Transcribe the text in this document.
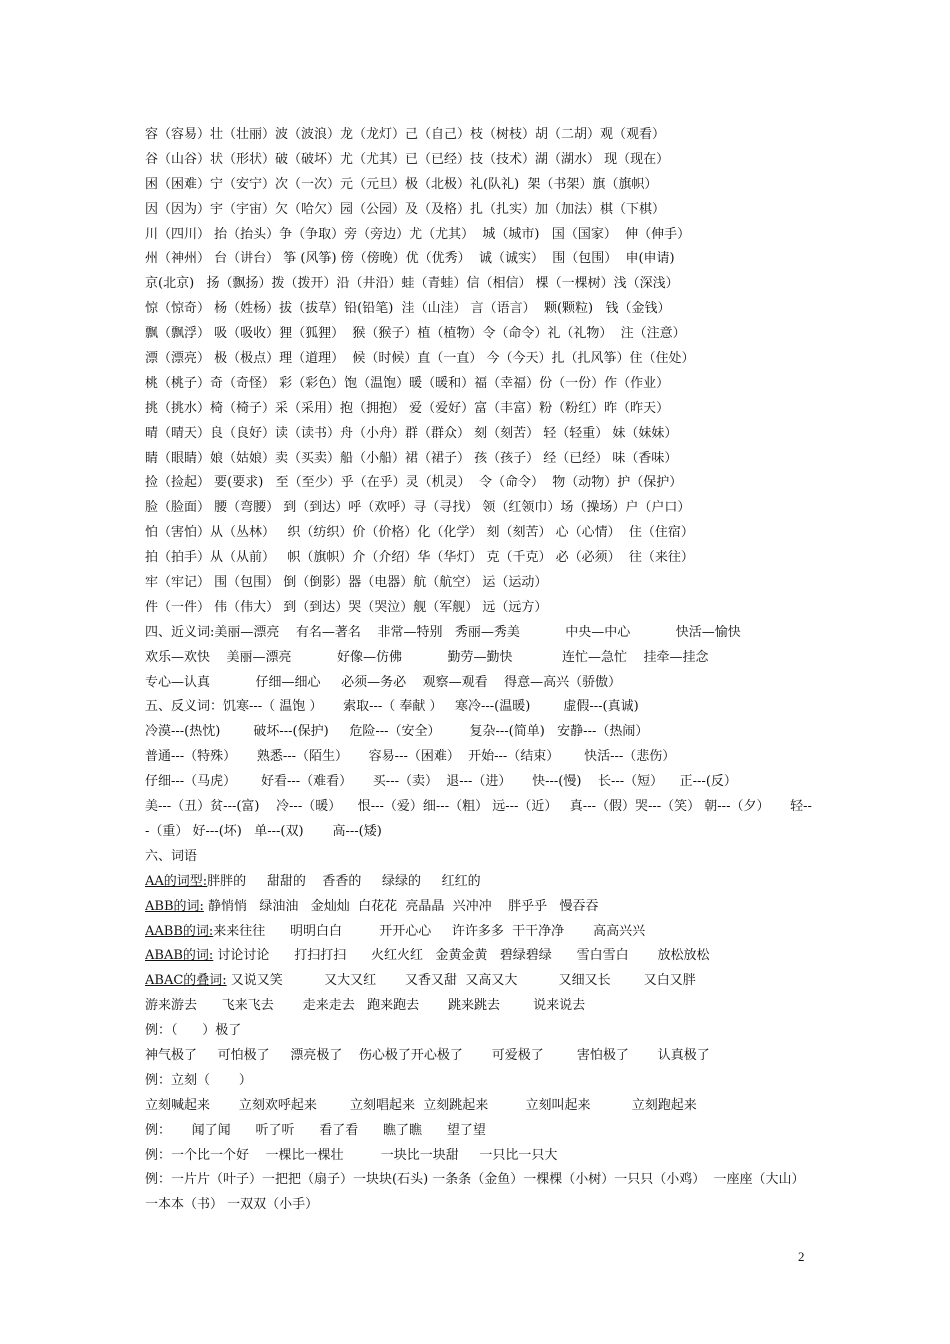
容（容易）壮（壮丽）波（波浪）龙（龙灯）己（自己）枝（树枝）胡（二胡）观（观看）
谷（山谷）状（形状）破（破坏）尤（尤其）已（已经）技（技术）湖（湖水） 现（现在）
困（困难）宁（安宁）次（一次）元（元旦）极（北极）礼(队礼)  架（书架）旗（旗帜）
因（因为）宇（宇宙）欠（哈欠）园（公园）及（及格）扎（扎实）加（加法）棋（下棋）
川（四川） 抬（抬头）争（争取）旁（旁边）尤（尤其）  城（城市)   国（国家）  伸（伸手）
州（神州） 台（讲台） 筝 (风筝) 傍（傍晚）优（优秀）  诚（诚实）  围（包围）  申(申请)
京(北京)   扬（飘扬）拨（拨开）沿（井沿）蛙（青蛙）信（相信） 棵（一棵树）浅（深浅）
惊（惊奇） 杨（姓杨）拔（拔草）铅(铅笔)  洼（山洼） 言（语言）  颗(颗粒)   钱（金钱）
飘（飘浮） 吸（吸收）狸（狐狸）  猴（猴子）植（植物）令（命令）礼（礼物）  注（注意）
漂（漂亮） 极（极点）理（道理）  候（时候）直（一直） 今（今天）扎（扎风筝）住（住处）
桃（桃子）奇（奇怪） 彩（彩色）饱（温饱）暖（暖和）福（幸福）份（一份）作（作业）
挑（挑水）椅（椅子）采（采用）抱（拥抱） 爱（爱好）富（丰富）粉（粉红）昨（昨天）
晴（晴天）良（良好）读（读书）舟（小舟）群（群众） 刻（刻苦） 轻（轻重） 妹（妹妹）
睛（眼睛）娘（姑娘）卖（买卖）船（小船）裙（裙子） 孩（孩子） 经（已经） 味（香味）
捡（捡起） 要(要求)   至（至少）乎（在乎）灵（机灵）  令（命令）  物（动物）护（保护）
脸（脸面） 腰（弯腰） 到（到达）呼（欢呼）寻（寻找） 领（红领巾）场（操场）户（户口）
怕（害怕）从（丛林）   织（纺织）价（价格）化（化学） 刻（刻苦） 心（心情）  住（住宿）
拍（拍手）从（从前）   帜（旗帜）介（介绍）华（华灯） 克（千克） 必（必须）  往（来往）
牢（牢记） 围（包围） 倒（倒影）器（电器）航（航空） 运（运动）
件（一件） 伟（伟大） 到（到达）哭（哭泣）舰（军舰） 远（远方）
四、近义词:美丽—漂亮    有名—著名    非常—特别   秀丽—秀美           中央—中心           快活—愉快
欢乐—欢快    美丽—漂亮           好像—仿佛           勤劳—勤快            连忙—急忙    挂牵—挂念
专心—认真           仔细—细心     必须—务必    观察—观看    得意—高兴（骄傲）
五、反义词：饥寒---（ 温饱 ）     索取---（ 奉献 ）   寒冷---(温暖)        虚假---(真诚)
冷漠---(热忱)        破坏---(保护)     危险---（安全）       复杂---(简单)   安静---（热闹）
普通---（特殊）     熟悉---（陌生）     容易---（困难）  开始---（结束）      快活---（悲伤）
仔细---（马虎）      好看---（难看）     买---（卖）  退---（进）     快---(慢)    长---（短）    正---(反）
美---（丑）贫---(富)    冷---（暖）    恨---（爱）细---（粗） 远---（近）   真---（假）哭---（笑） 朝---（夕）     轻---（重） 好---(坏)   单---(双)       高---(矮)
六、词语
AA的词型:胖胖的     甜甜的    香香的     绿绿的     红红的
ABB的词: 静悄悄   绿油油   金灿灿  白花花  亮晶晶  兴冲冲    胖乎乎   慢吞吞
AABB的词:来来往往      明明白白         开开心心     许许多多  干干净净       高高兴兴
ABAB的词: 讨论讨论      打扫打扫      火红火红   金黄金黄   碧绿碧绿      雪白雪白       放松放松
ABAC的叠词: 又说又笑          又大又红       又香又甜  又高又大          又细又长        又白又胖
游来游去      飞来飞去       走来走去   跑来跑去       跳来跳去        说来说去
例：（      ）极了
神气极了     可怕极了     漂亮极了    伤心极了开心极了       可爱极了        害怕极了       认真极了
例：立刻（       ）
立刻喊起来       立刻欢呼起来        立刻唱起来  立刻跳起来         立刻叫起来          立刻跑起来
例：     闻了闻      听了听      看了看      瞧了瞧      望了望
例：一个比一个好    一棵比一棵壮         一块比一块甜     一只比一只大
例：一片片（叶子）一把把（扇子）一块块(石头) 一条条（金鱼）一棵棵（小树）一只只（小鸡）  一座座（大山） 一本本（书） 一双双（小手）
2
